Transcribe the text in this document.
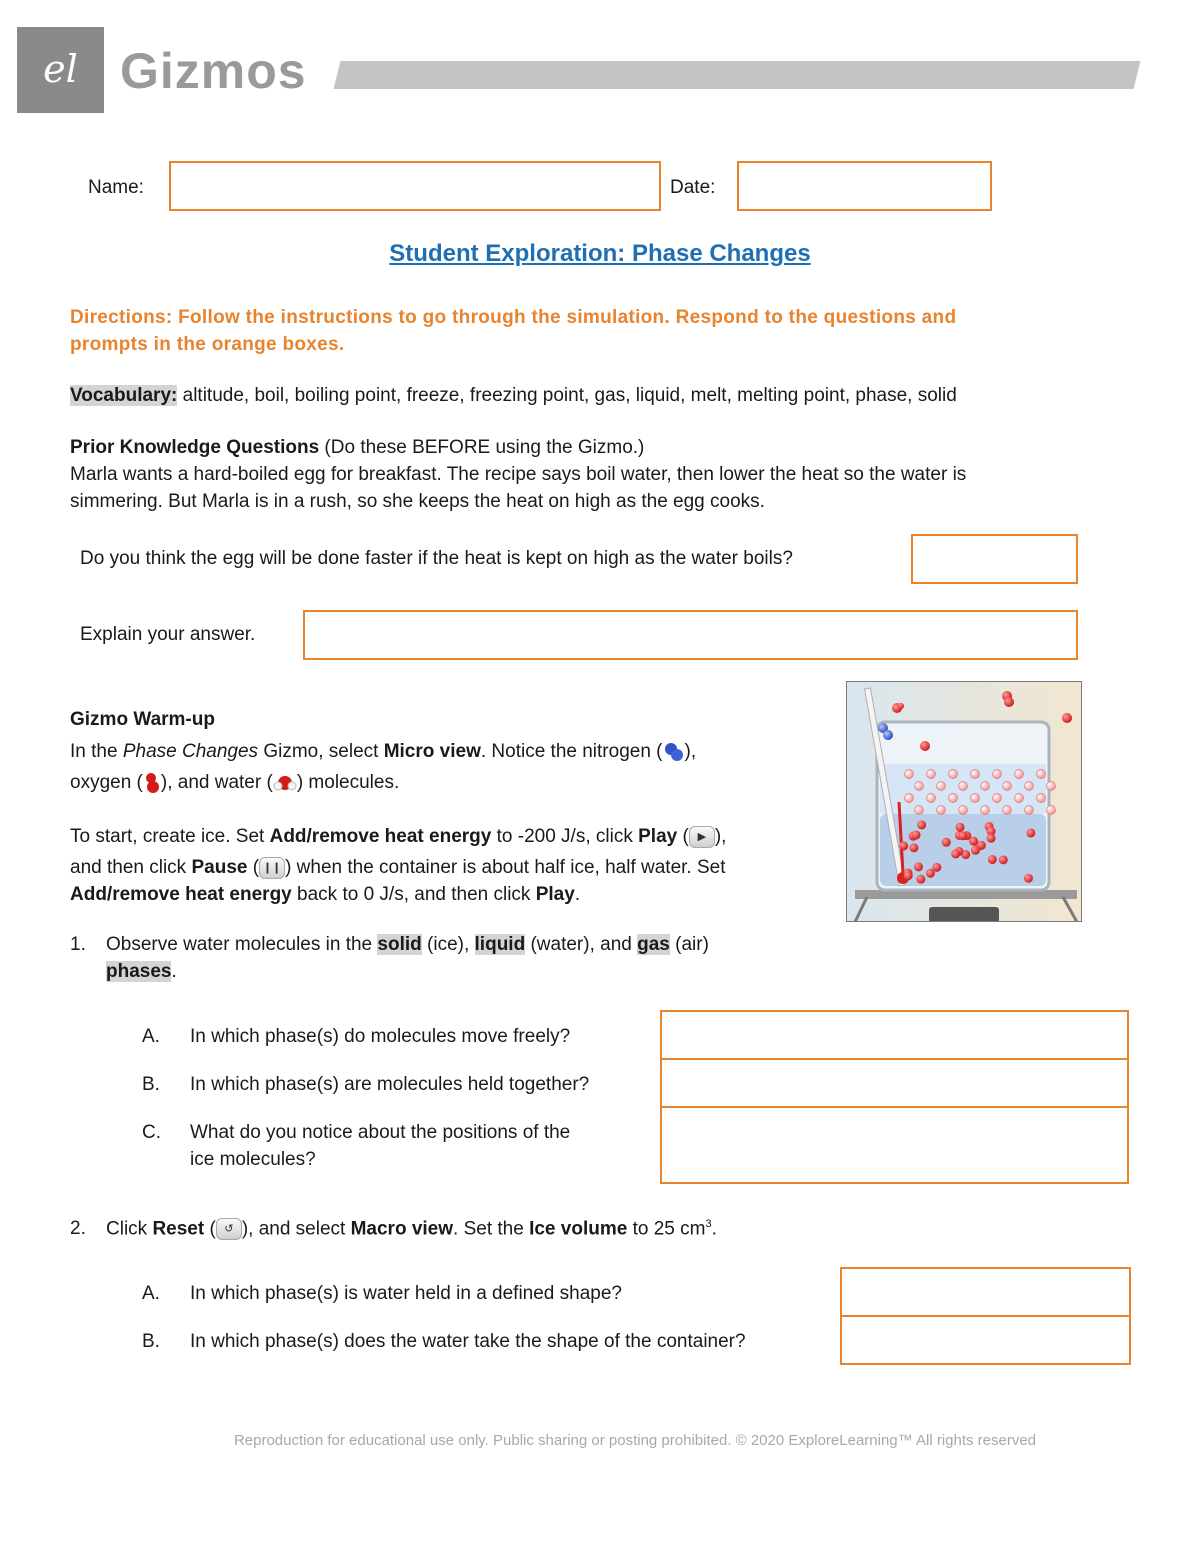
el Gizmos
Name:	Date:
Student Exploration: Phase Changes
Directions: Follow the instructions to go through the simulation. Respond to the questions and
prompts in the orange boxes.
Vocabulary: altitude, boil, boiling point, freeze, freezing point, gas, liquid, melt, melting point, phase, solid
Prior Knowledge Questions (Do these BEFORE using the Gizmo.)
Marla wants a hard-boiled egg for breakfast. The recipe says boil water, then lower the heat so the water is
simmering. But Marla is in a rush, so she keeps the heat on high as the egg cooks.
Do you think the egg will be done faster if the heat is kept on high as the water boils?
Explain your answer.
Gizmo Warm-up
In the Phase Changes Gizmo, select Micro view. Notice the nitrogen ( ),
oxygen ( ), and water ( ) molecules.
To start, create ice. Set Add/remove heat energy to -200 J/s, click Play ( ▶ ),
and then click Pause ( ❙❙ ) when the container is about half ice, half water. Set
Add/remove heat energy back to 0 J/s, and then click Play.
1. Observe water molecules in the solid (ice), liquid (water), and gas (air)
phases.
A. In which phase(s) do molecules move freely?
B. In which phase(s) are molecules held together?
C. What do you notice about the positions of the
ice molecules?
2. Click Reset ( ↺ ), and select Macro view. Set the Ice volume to 25 $cm^3$.
A. In which phase(s) is water held in a defined shape?
B. In which phase(s) does the water take the shape of the container?
Reproduction for educational use only. Public sharing or posting prohibited. © 2020 ExploreLearning™ All rights reserved
